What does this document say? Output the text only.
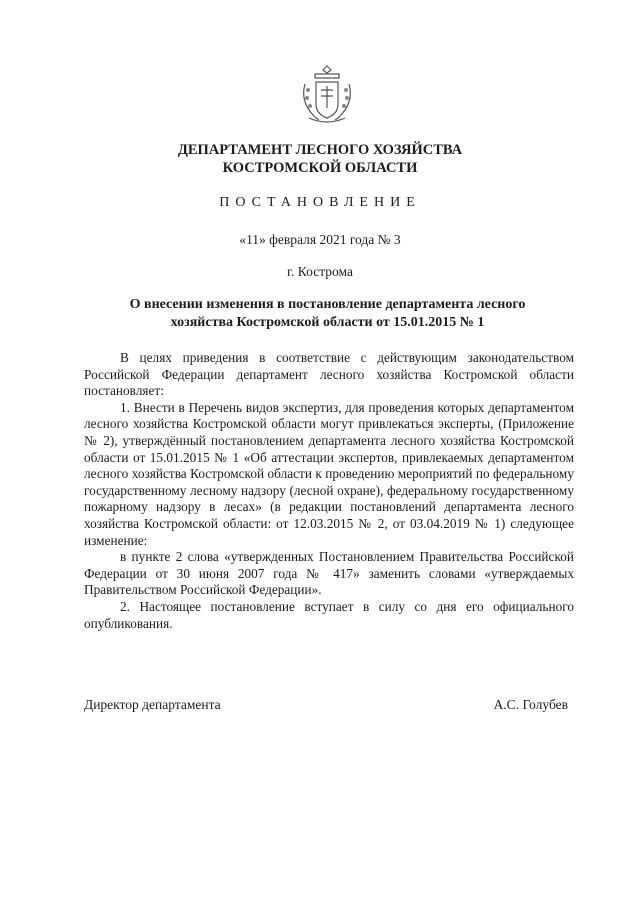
ДЕПАРТАМЕНТ ЛЕСНОГО ХОЗЯЙСТВА
КОСТРОМСКОЙ ОБЛАСТИ
ПОСТАНОВЛЕНИЕ
«11» февраля 2021 года № 3
г. Кострома
О внесении изменения в постановление департамента лесного
хозяйства Костромской области от 15.01.2015 № 1

В целях приведения в соответствие с действующим законодательством Российской Федерации департамент лесного хозяйства Костромской области постановляет:

1. Внести в Перечень видов экспертиз, для проведения которых департаментом лесного хозяйства Костромской области могут привлекаться эксперты, (Приложение № 2), утверждённый постановлением департамента лесного хозяйства Костромской области от 15.01.2015 № 1 «Об аттестации экспертов, привлекаемых департаментом лесного хозяйства Костромской области к проведению мероприятий по федеральному государственному лесному надзору (лесной охране), федеральному государственному пожарному надзору в лесах» (в редакции постановлений департамента лесного хозяйства Костромской области: от 12.03.2015 № 2, от 03.04.2019 № 1) следующее изменение:

в пункте 2 слова «утвержденных Постановлением Правительства Российской Федерации от 30 июня 2007 года № 417» заменить словами «утверждаемых Правительством Российской Федерации».

2. Настоящее постановление вступает в силу со дня его официального опубликования.

Директор департамента	А.С. Голубев
